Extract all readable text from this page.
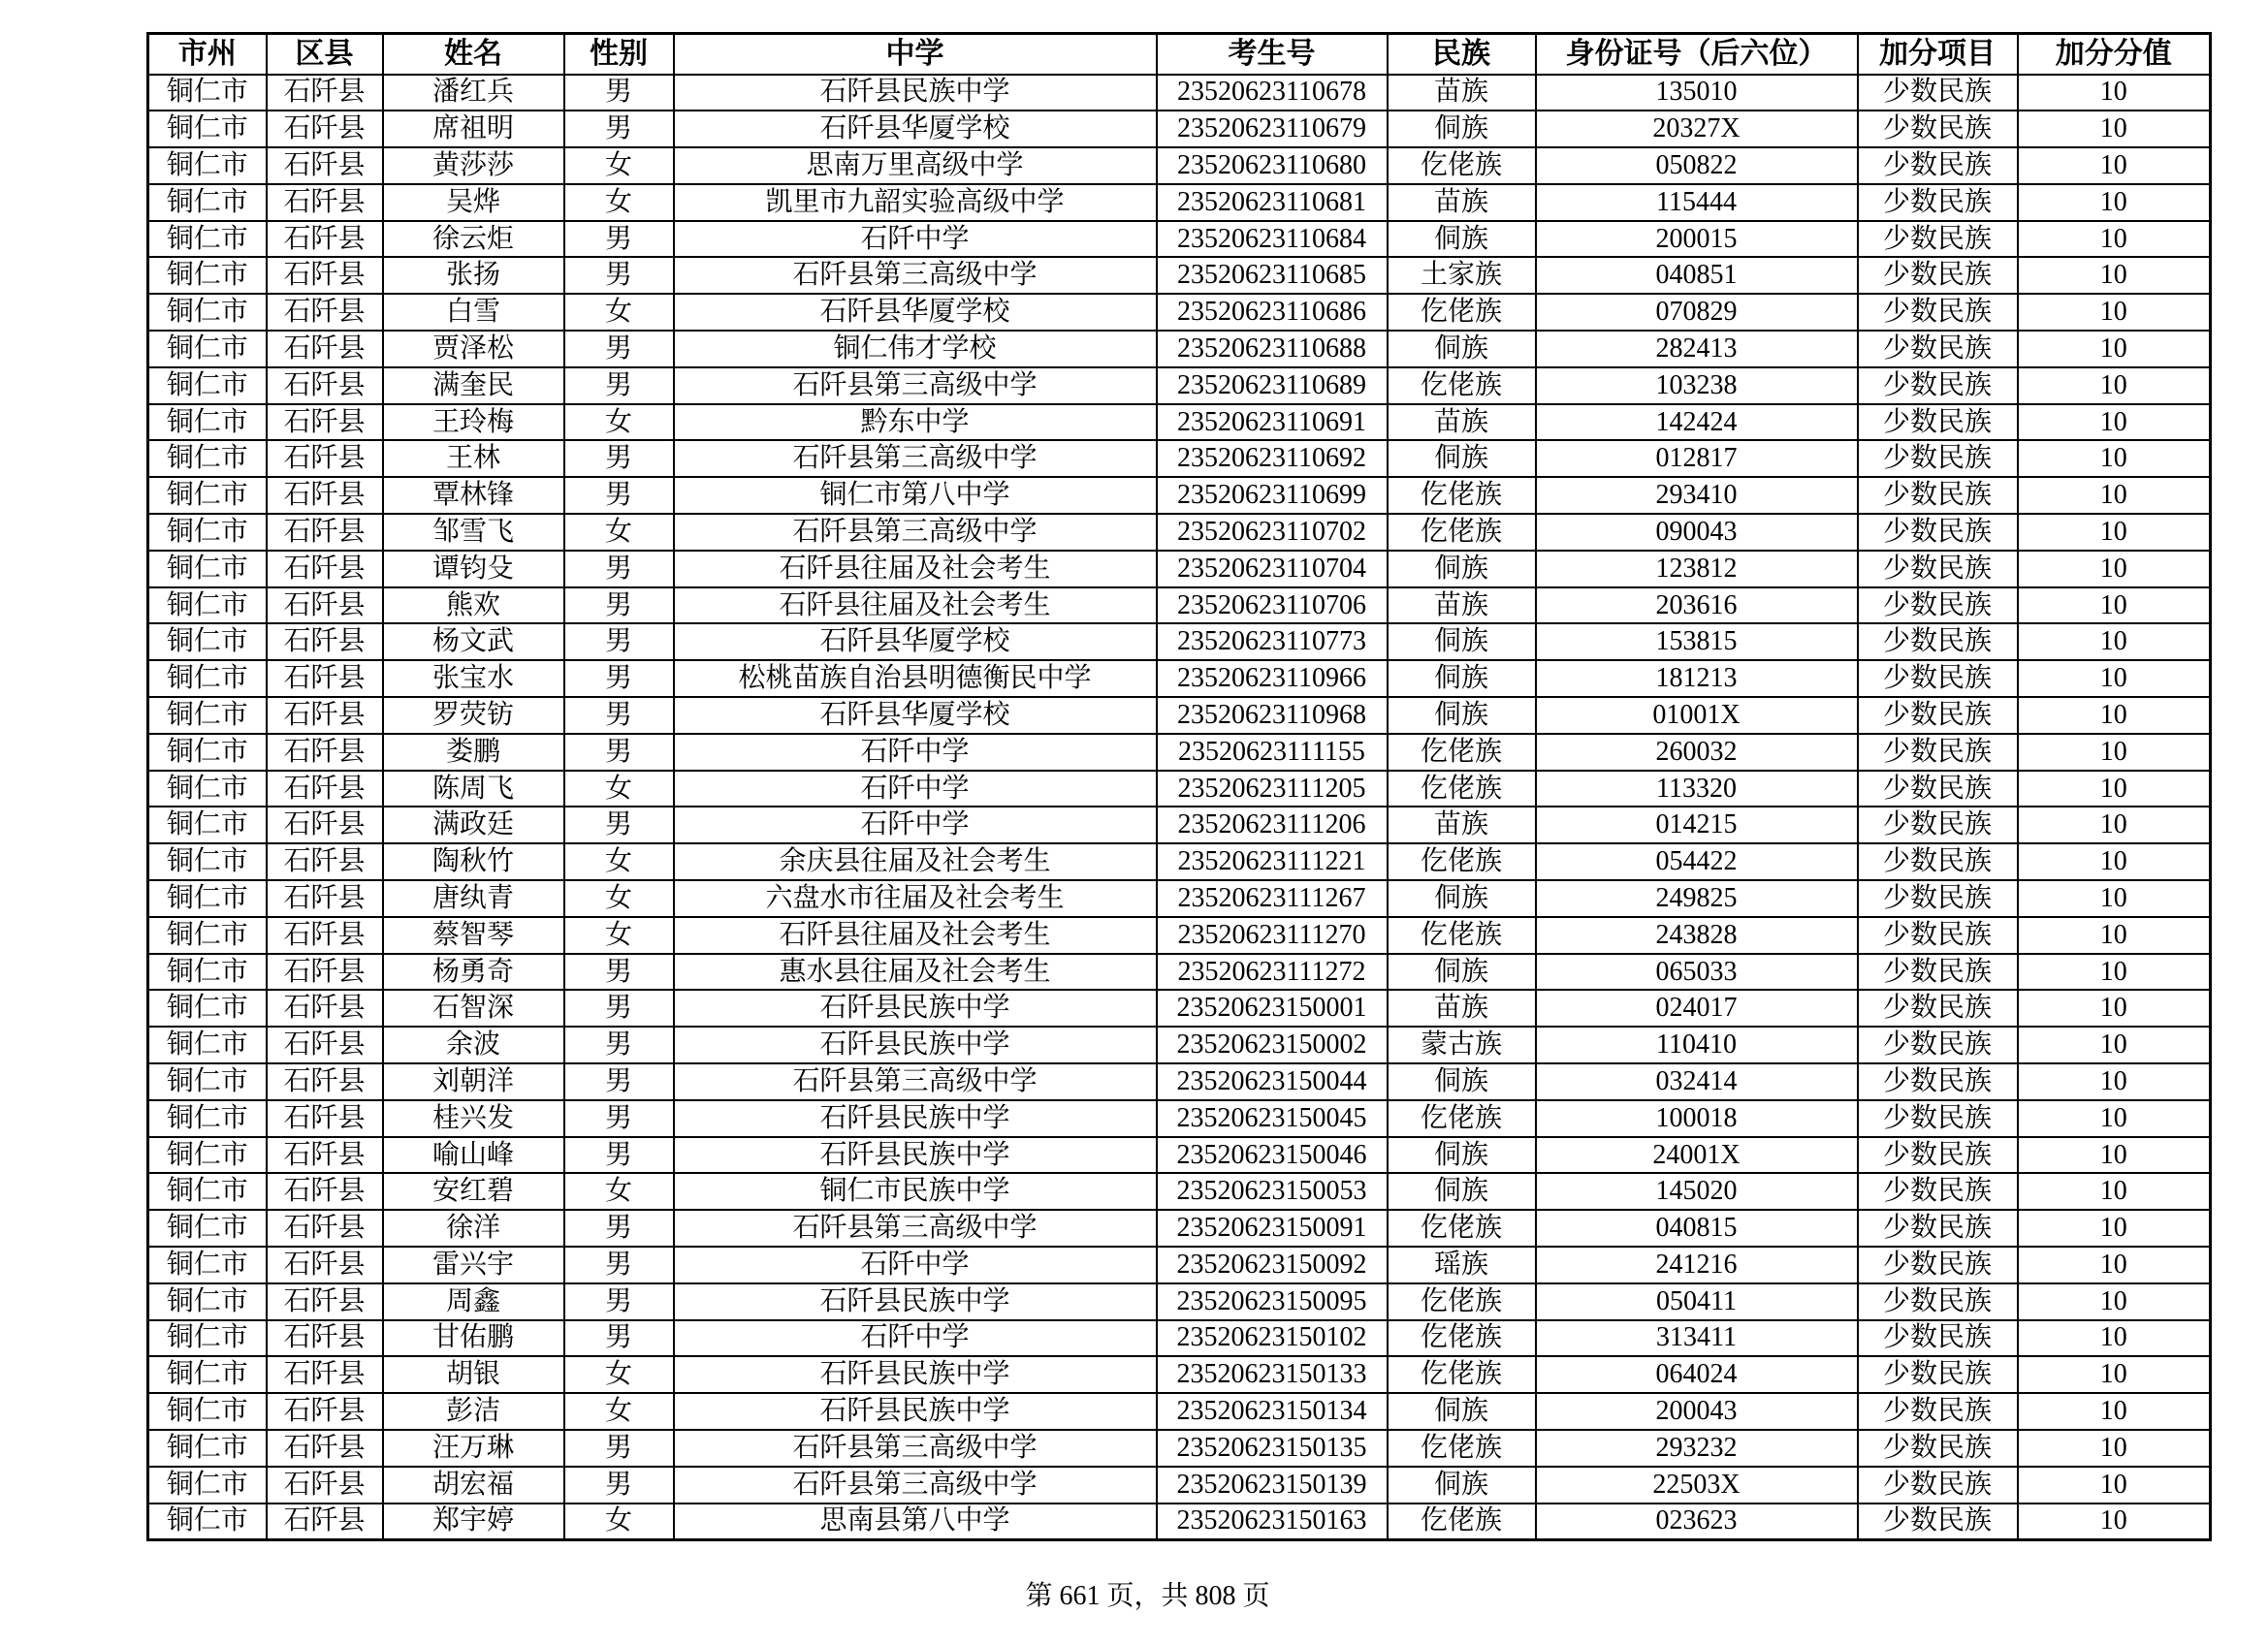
市州	区县	姓名	性别	中学	考生号	民族	身份证号（后六位）	加分项目	加分分值
铜仁市	石阡县	潘红兵	男	石阡县民族中学	23520623110678	苗族	135010	少数民族	10
铜仁市	石阡县	席祖明	男	石阡县华厦学校	23520623110679	侗族	20327X	少数民族	10
铜仁市	石阡县	黄莎莎	女	思南万里高级中学	23520623110680	仡佬族	050822	少数民族	10
铜仁市	石阡县	吴烨	女	凯里市九韶实验高级中学	23520623110681	苗族	115444	少数民族	10
铜仁市	石阡县	徐云炬	男	石阡中学	23520623110684	侗族	200015	少数民族	10
铜仁市	石阡县	张扬	男	石阡县第三高级中学	23520623110685	土家族	040851	少数民族	10
铜仁市	石阡县	白雪	女	石阡县华厦学校	23520623110686	仡佬族	070829	少数民族	10
铜仁市	石阡县	贾泽松	男	铜仁伟才学校	23520623110688	侗族	282413	少数民族	10
铜仁市	石阡县	满奎民	男	石阡县第三高级中学	23520623110689	仡佬族	103238	少数民族	10
铜仁市	石阡县	王玲梅	女	黔东中学	23520623110691	苗族	142424	少数民族	10
铜仁市	石阡县	王林	男	石阡县第三高级中学	23520623110692	侗族	012817	少数民族	10
铜仁市	石阡县	覃林锋	男	铜仁市第八中学	23520623110699	仡佬族	293410	少数民族	10
铜仁市	石阡县	邹雪飞	女	石阡县第三高级中学	23520623110702	仡佬族	090043	少数民族	10
铜仁市	石阡县	谭钧殳	男	石阡县往届及社会考生	23520623110704	侗族	123812	少数民族	10
铜仁市	石阡县	熊欢	男	石阡县往届及社会考生	23520623110706	苗族	203616	少数民族	10
铜仁市	石阡县	杨文武	男	石阡县华厦学校	23520623110773	侗族	153815	少数民族	10
铜仁市	石阡县	张宝水	男	松桃苗族自治县明德衡民中学	23520623110966	侗族	181213	少数民族	10
铜仁市	石阡县	罗荧钫	男	石阡县华厦学校	23520623110968	侗族	01001X	少数民族	10
铜仁市	石阡县	娄鹏	男	石阡中学	23520623111155	仡佬族	260032	少数民族	10
铜仁市	石阡县	陈周飞	女	石阡中学	23520623111205	仡佬族	113320	少数民族	10
铜仁市	石阡县	满政廷	男	石阡中学	23520623111206	苗族	014215	少数民族	10
铜仁市	石阡县	陶秋竹	女	余庆县往届及社会考生	23520623111221	仡佬族	054422	少数民族	10
铜仁市	石阡县	唐纨青	女	六盘水市往届及社会考生	23520623111267	侗族	249825	少数民族	10
铜仁市	石阡县	蔡智琴	女	石阡县往届及社会考生	23520623111270	仡佬族	243828	少数民族	10
铜仁市	石阡县	杨勇奇	男	惠水县往届及社会考生	23520623111272	侗族	065033	少数民族	10
铜仁市	石阡县	石智深	男	石阡县民族中学	23520623150001	苗族	024017	少数民族	10
铜仁市	石阡县	余波	男	石阡县民族中学	23520623150002	蒙古族	110410	少数民族	10
铜仁市	石阡县	刘朝洋	男	石阡县第三高级中学	23520623150044	侗族	032414	少数民族	10
铜仁市	石阡县	桂兴发	男	石阡县民族中学	23520623150045	仡佬族	100018	少数民族	10
铜仁市	石阡县	喻山峰	男	石阡县民族中学	23520623150046	侗族	24001X	少数民族	10
铜仁市	石阡县	安红碧	女	铜仁市民族中学	23520623150053	侗族	145020	少数民族	10
铜仁市	石阡县	徐洋	男	石阡县第三高级中学	23520623150091	仡佬族	040815	少数民族	10
铜仁市	石阡县	雷兴宇	男	石阡中学	23520623150092	瑶族	241216	少数民族	10
铜仁市	石阡县	周鑫	男	石阡县民族中学	23520623150095	仡佬族	050411	少数民族	10
铜仁市	石阡县	甘佑鹏	男	石阡中学	23520623150102	仡佬族	313411	少数民族	10
铜仁市	石阡县	胡银	女	石阡县民族中学	23520623150133	仡佬族	064024	少数民族	10
铜仁市	石阡县	彭洁	女	石阡县民族中学	23520623150134	侗族	200043	少数民族	10
铜仁市	石阡县	汪万琳	男	石阡县第三高级中学	23520623150135	仡佬族	293232	少数民族	10
铜仁市	石阡县	胡宏福	男	石阡县第三高级中学	23520623150139	侗族	22503X	少数民族	10
铜仁市	石阡县	郑宇婷	女	思南县第八中学	23520623150163	仡佬族	023623	少数民族	10

第 661 页，共 808 页
